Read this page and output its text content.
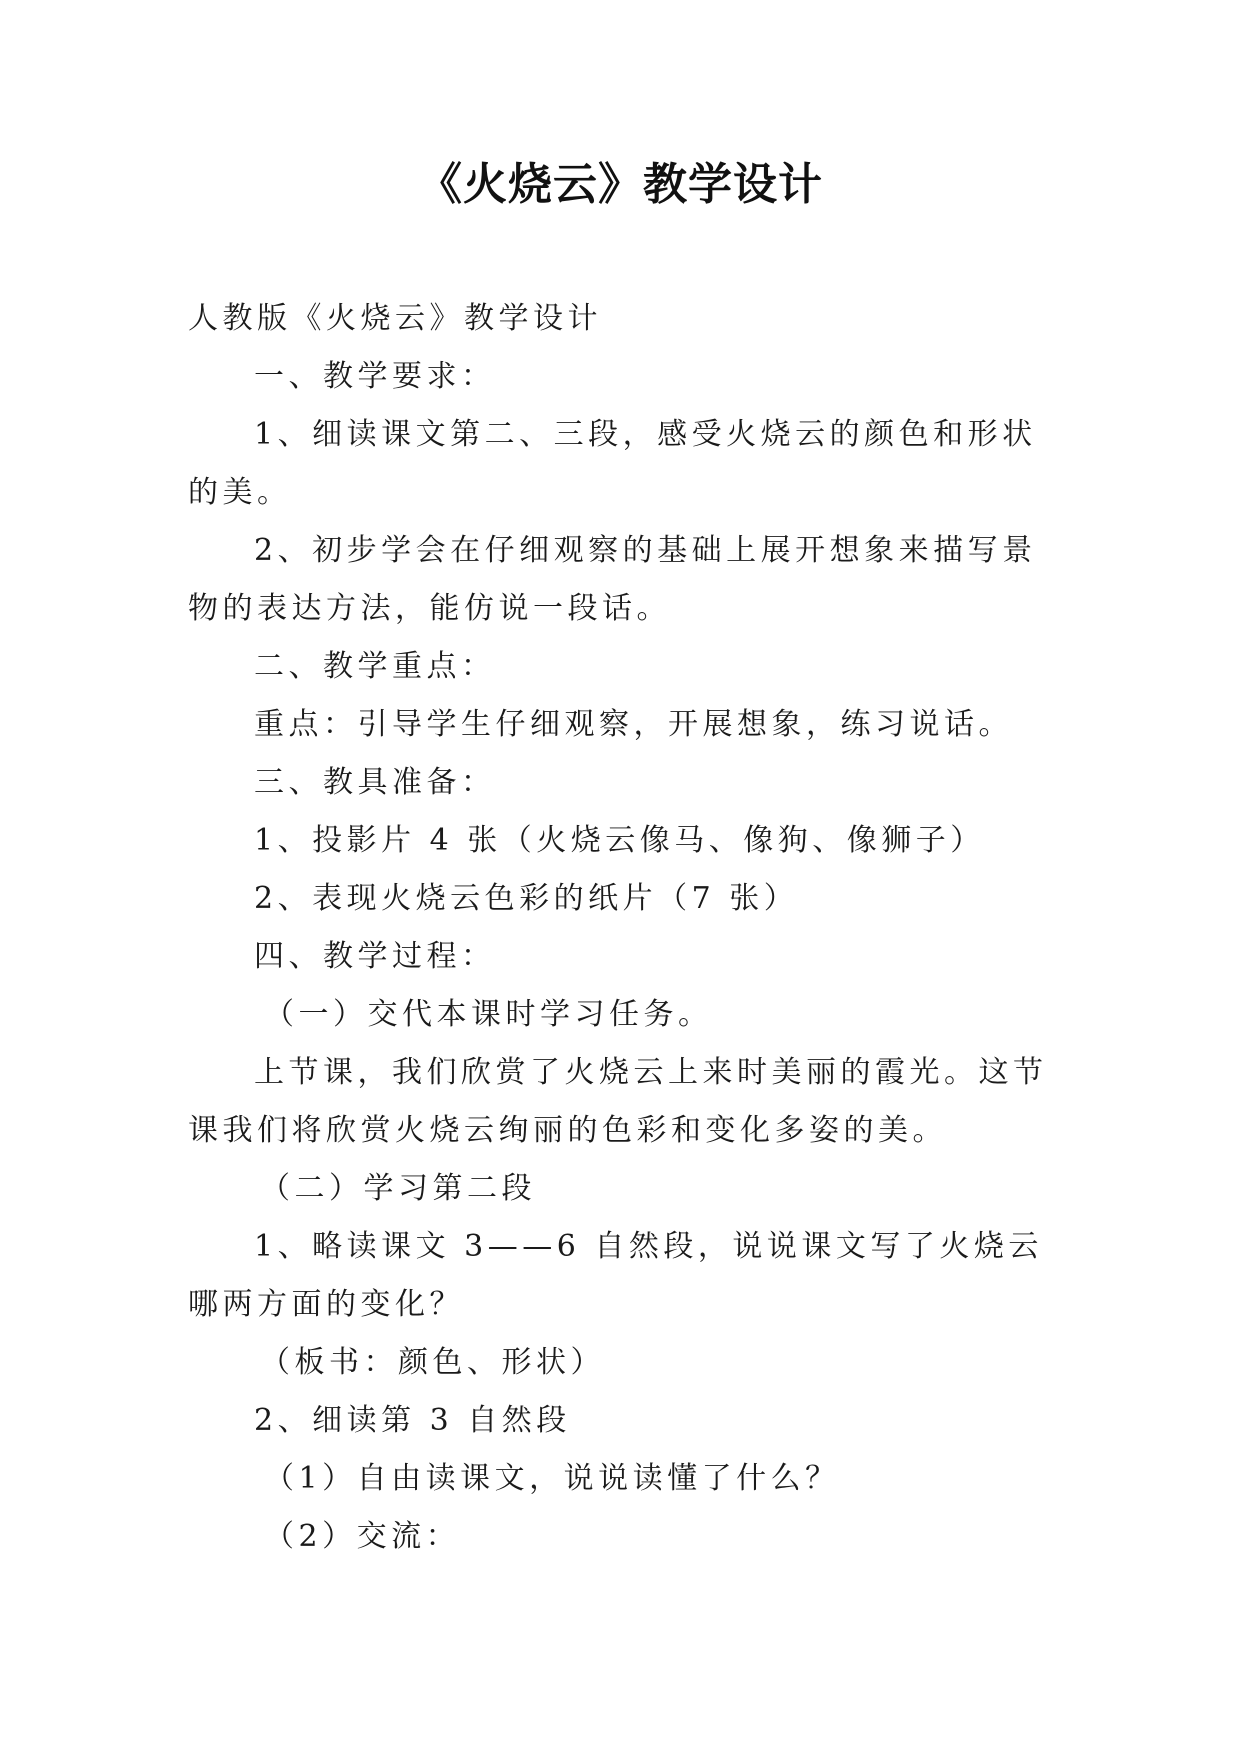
《火烧云》教学设计

人教版《火烧云》教学设计

一、教学要求：

1、细读课文第二、三段，感受火烧云的颜色和形状的美。

2、初步学会在仔细观察的基础上展开想象来描写景物的表达方法，能仿说一段话。

二、教学重点：

重点：引导学生仔细观察，开展想象，练习说话。

三、教具准备：

1、投影片 4 张（火烧云像马、像狗、像狮子）

2、表现火烧云色彩的纸片（7 张）

四、教学过程：

（一）交代本课时学习任务。

上节课，我们欣赏了火烧云上来时美丽的霞光。这节课我们将欣赏火烧云绚丽的色彩和变化多姿的美。

（二）学习第二段

1、略读课文 3——6 自然段，说说课文写了火烧云哪两方面的变化？

（板书：颜色、形状）

2、细读第 3 自然段

（1）自由读课文，说说读懂了什么？

（2）交流：
